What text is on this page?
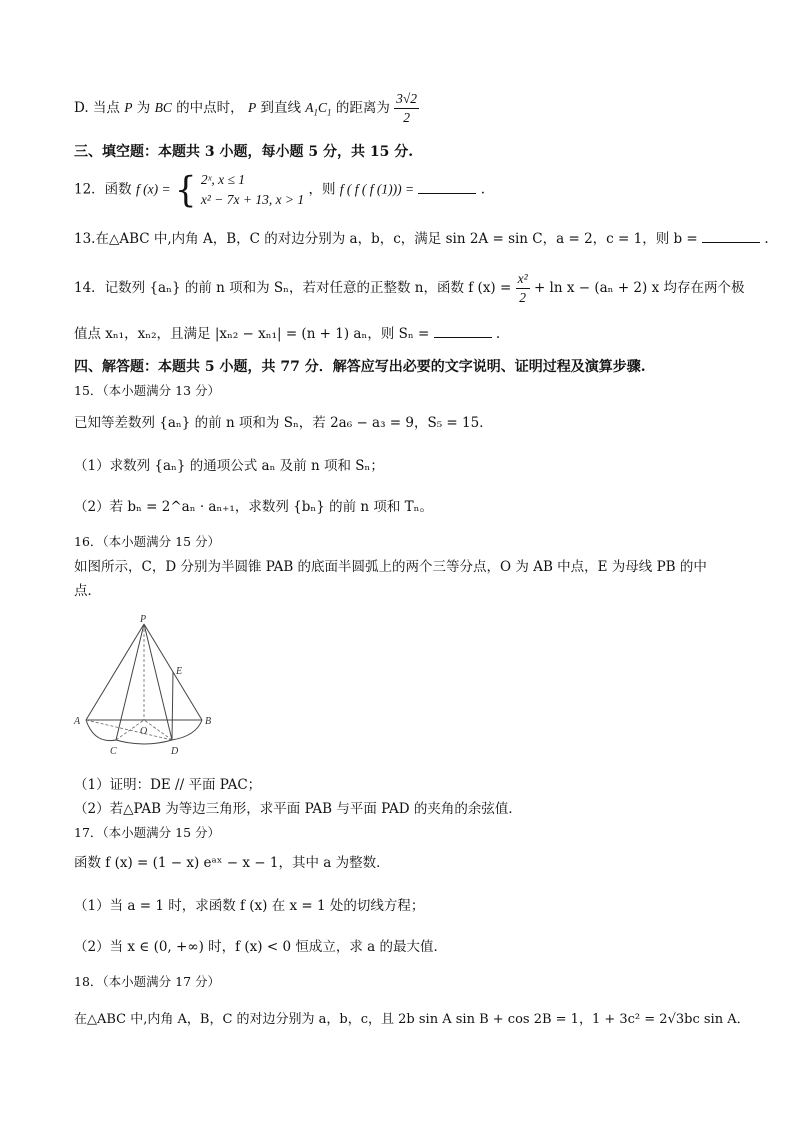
D. 当点 P 为 BC 的中点时， P 到直线 $A_1C_1$ 的距离为 $\frac{3√2}{2}$
三、填空题：本题共 3 小题，每小题 5 分，共 15 分.
12．函数 f (x) = { 2ˣ, x ≤ 1
x² − 7x + 13, x > 1
，则 f ( f ( f (1))) =	.
13.在△ABC 中,内角 A，B，C 的对边分别为 a，b，c，满足 sin 2A = sin C，a = 2，c = 1，则 b =	.
14．记数列 {aₙ} 的前 n 项和为 Sₙ，若对任意的正整数 n，函数 f $(x) = \frac{\text{x²}}{2} + \ln x - (a_n + 2)$ x 均存在两个极
值点 xₙ₁，xₙ₂，且满足 |xₙ₂ − xₙ₁| = (n + 1) aₙ，则 Sₙ =	.
四、解答题：本题共 5 小题，共 77 分．解答应写出必要的文字说明、证明过程及演算步骤.
15．（本小题满分 13 分）
已知等差数列 {aₙ} 的前 n 项和为 Sₙ，若 2a₆ − a₃ = 9，S₅ = 15．
（1）求数列 {aₙ} 的通项公式 aₙ 及前 n 项和 Sₙ；
（2）若 bₙ = 2^aₙ · aₙ₊₁，求数列 {bₙ} 的前 n 项和 Tₙ。
16．（本小题满分 15 分）
如图所示，C，D 分别为半圆锥 PAB 的底面半圆弧上的两个三等分点，O 为 AB 中点，E 为母线 PB 的中
点．
P
E
A	B
O
C	D
（1）证明：DE // 平面 PAC；
（2）若△PAB 为等边三角形，求平面 PAB 与平面 PAD 的夹角的余弦值．
17．（本小题满分 15 分）
函数 f (x) = (1 − x) eᵃˣ − x − 1，其中 a 为整数．
（1）当 a = 1 时，求函数 f (x) 在 x = 1 处的切线方程；
（2）当 x ∈ (0, +∞) 时，f (x) < 0 恒成立，求 a 的最大值．
18．（本小题满分 17 分）
在△ABC 中,内角 A，B，C 的对边分别为 a，b，c，且 2b sin A sin B + cos 2B = 1，1 + 3c² = 2√3bc sin A．
